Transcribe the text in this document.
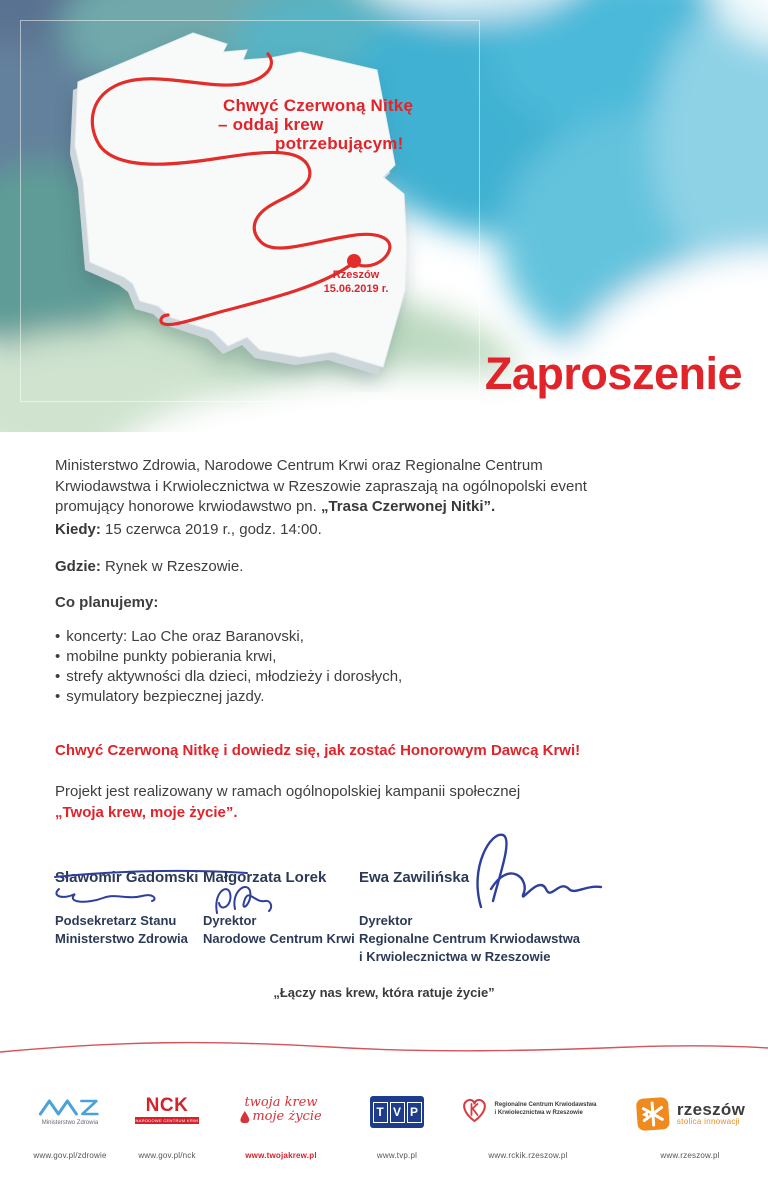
Chwyć Czerwoną Nitkę
– oddaj krew
potrzebującym!
Rzeszów
15.06.2019 r.
Zaproszenie

Ministerstwo Zdrowia, Narodowe Centrum Krwi oraz Regionalne Centrum Krwiodawstwa i Krwiolecznictwa w Rzeszowie zapraszają na ogólnopolski event promujący honorowe krwiodawstwo pn. „Trasa Czerwonej Nitki”.

Kiedy: 15 czerwca 2019 r., godz. 14:00.
Gdzie: Rynek w Rzeszowie.
Co planujemy:
• koncerty: Lao Che oraz Baranovski,
• mobilne punkty pobierania krwi,
• strefy aktywności dla dzieci, młodzieży i dorosłych,
• symulatory bezpiecznej jazdy.
Chwyć Czerwoną Nitkę i dowiedz się, jak zostać Honorowym Dawcą Krwi!
Projekt jest realizowany w ramach ogólnopolskiej kampanii społecznej
„Twoja krew, moje życie”.

Sławomir Gadomski

Podsekretarz Stanu
Ministerstwo Zdrowia

Małgorzata Lorek

Dyrektor
Narodowe Centrum Krwi

Ewa Zawilińska

Dyrektor
Regionalne Centrum Krwiodawstwa
i Krwiolecznictwa w Rzeszowie
„Łączy nas krew, która ratuje życie”
Ministerstwo Zdrowia
www.gov.pl/zdrowie
NCK
NARODOWE CENTRUM KRWI
www.gov.pl/nck
twoja krew
moje życie
www.twojakrew.pl
T V P
www.tvp.pl
Regionalne Centrum Krwiodawstwa
i Krwiolecznictwa w Rzeszowie
www.rckik.rzeszow.pl
rzeszów
stolica innowacji
www.rzeszow.pl
